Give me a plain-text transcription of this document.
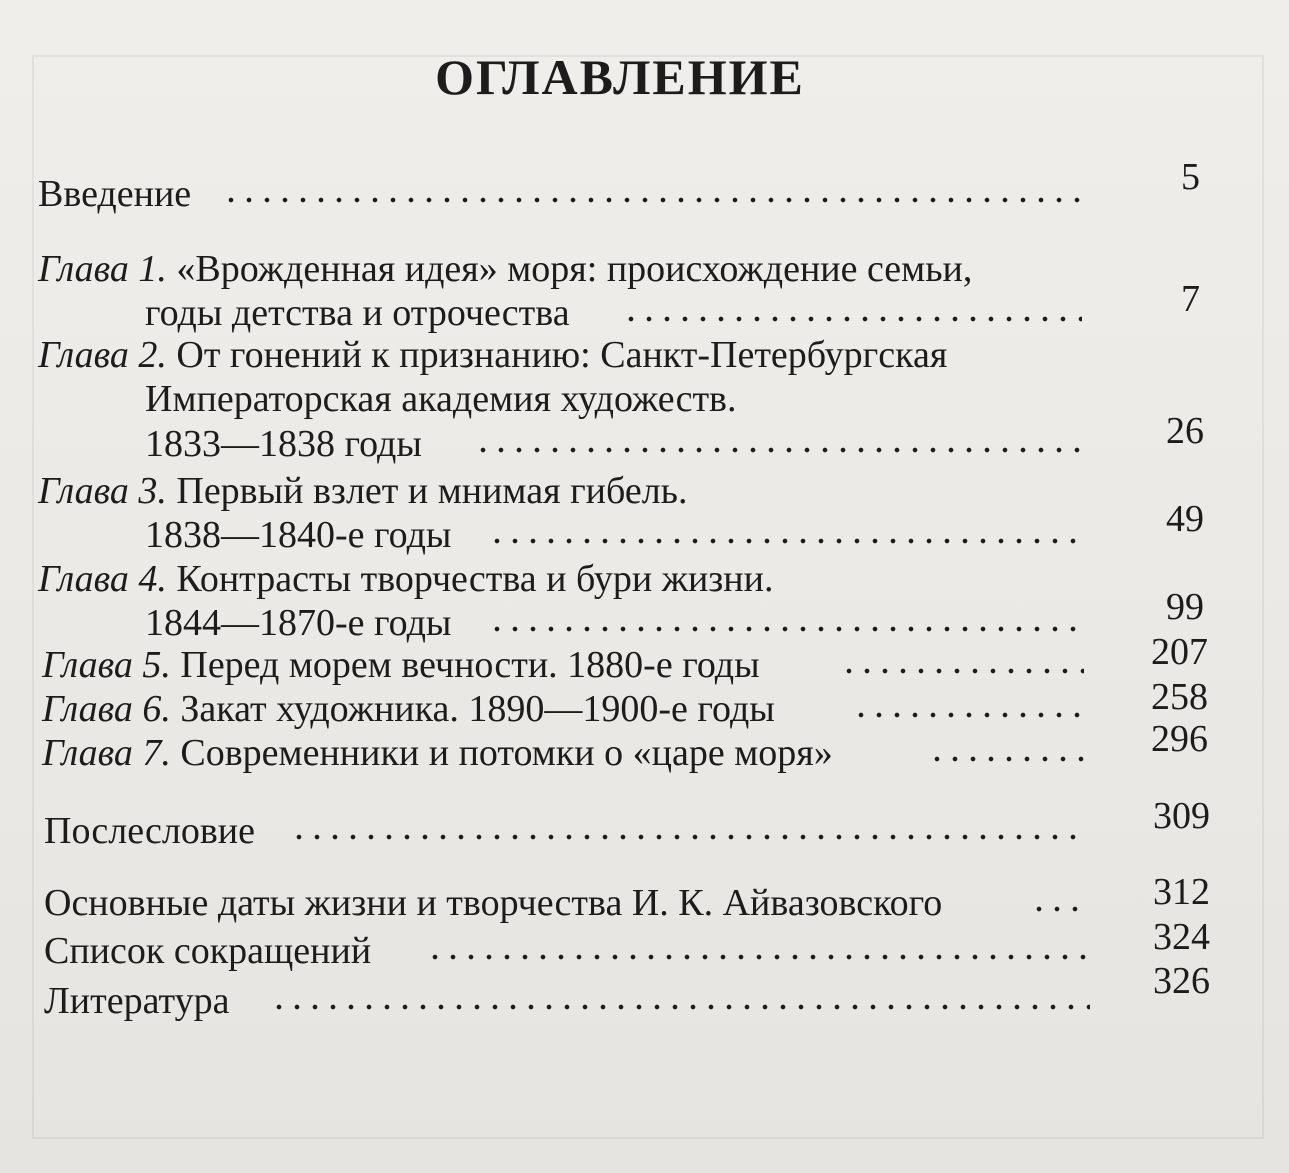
ОГЛАВЛЕНИЕ
Введение	5
Глава 1. «Врожденная идея» моря: происхождение семьи,
годы детства и отрочества	7
Глава 2. От гонений к признанию: Санкт-Петербургская
Императорская академия художеств.
1833—1838 годы	26
Глава 3. Первый взлет и мнимая гибель.
1838—1840-е годы	49
Глава 4. Контрасты творчества и бури жизни.
1844—1870-е годы	99
Глава 5. Перед морем вечности. 1880-е годы	207
Глава 6. Закат художника. 1890—1900-е годы	258
Глава 7. Современники и потомки о «царе моря»	296
Послесловие	309
Основные даты жизни и творчества И. К. Айвазовского	312
Список сокращений	324
Литература	326
